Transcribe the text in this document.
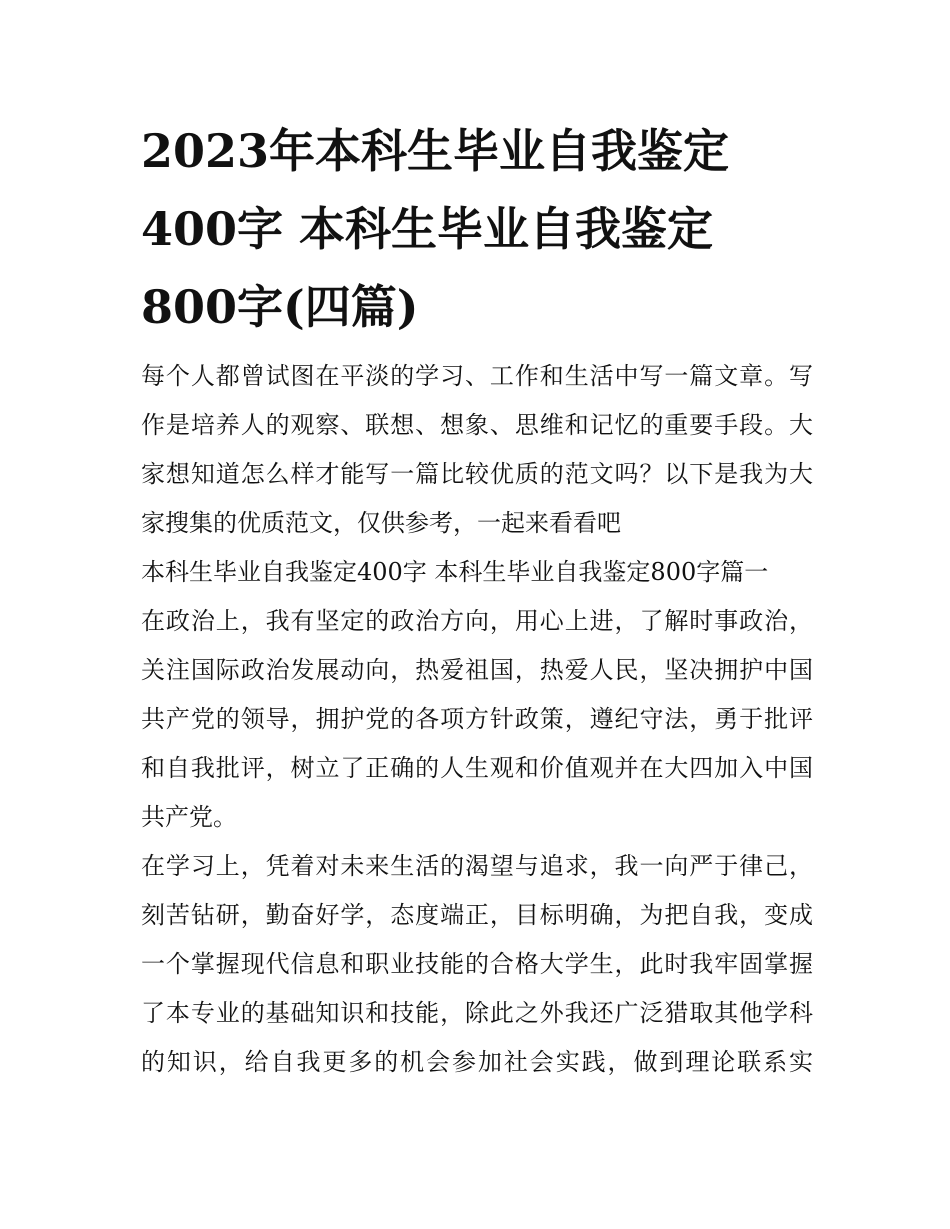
2023年本科生毕业自我鉴定
400字 本科生毕业自我鉴定
800字(四篇)
每个人都曾试图在平淡的学习、工作和生活中写一篇文章。写
作是培养人的观察、联想、想象、思维和记忆的重要手段。大
家想知道怎么样才能写一篇比较优质的范文吗？以下是我为大
家搜集的优质范文，仅供参考，一起来看看吧
本科生毕业自我鉴定400字 本科生毕业自我鉴定800字篇一
在政治上，我有坚定的政治方向，用心上进，了解时事政治，
关注国际政治发展动向，热爱祖国，热爱人民，坚决拥护中国
共产党的领导，拥护党的各项方针政策，遵纪守法，勇于批评
和自我批评，树立了正确的人生观和价值观并在大四加入中国
共产党。
在学习上，凭着对未来生活的渴望与追求，我一向严于律己，
刻苦钻研，勤奋好学，态度端正，目标明确，为把自我，变成
一个掌握现代信息和职业技能的合格大学生，此时我牢固掌握
了本专业的基础知识和技能，除此之外我还广泛猎取其他学科
的知识，给自我更多的机会参加社会实践，做到理论联系实
